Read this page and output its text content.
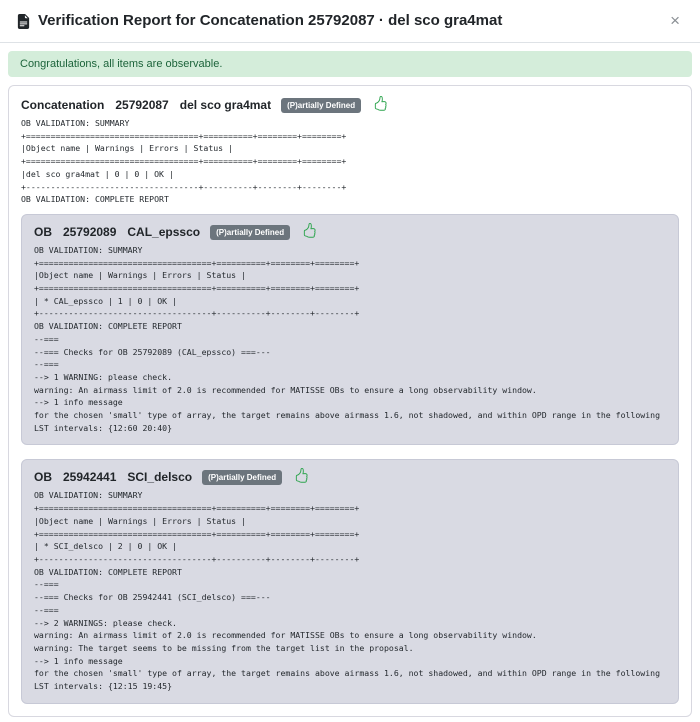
Verification Report for Concatenation 25792087 · del sco gra4mat	×
Congratulations, all items are observable.
Concatenation 25792087 del sco gra4mat	(P)artially Defined
OB VALIDATION: SUMMARY
+===================================+==========+========+========+
|Object name | Warnings | Errors | Status |
+===================================+==========+========+========+
|del sco gra4mat | 0 | 0 | OK |
+-----------------------------------+----------+--------+--------+
OB VALIDATION: COMPLETE REPORT
OB 25792089 CAL_epssco	(P)artially Defined
OB VALIDATION: SUMMARY
+===================================+==========+========+========+
|Object name | Warnings | Errors | Status |
+===================================+==========+========+========+
| * CAL_epssco | 1 | 0 | OK |
+-----------------------------------+----------+--------+--------+
OB VALIDATION: COMPLETE REPORT
--===
--=== Checks for OB 25792089 (CAL_epssco) ===---
--===
--> 1 WARNING: please check.
warning: An airmass limit of 2.0 is recommended for MATISSE OBs to ensure a long observability window.
--> 1 info message
for the chosen 'small' type of array, the target remains above airmass 1.6, not shadowed, and within OPD range in the following
LST intervals: {12:60 20:40}
OB 25942441 SCI_delsco	(P)artially Defined
OB VALIDATION: SUMMARY
+===================================+==========+========+========+
|Object name | Warnings | Errors | Status |
+===================================+==========+========+========+
| * SCI_delsco | 2 | 0 | OK |
+-----------------------------------+----------+--------+--------+
OB VALIDATION: COMPLETE REPORT
--===
--=== Checks for OB 25942441 (SCI_delsco) ===---
--===
--> 2 WARNINGS: please check.
warning: An airmass limit of 2.0 is recommended for MATISSE OBs to ensure a long observability window.
warning: The target seems to be missing from the target list in the proposal.
--> 1 info message
for the chosen 'small' type of array, the target remains above airmass 1.6, not shadowed, and within OPD range in the following
LST intervals: {12:15 19:45}
